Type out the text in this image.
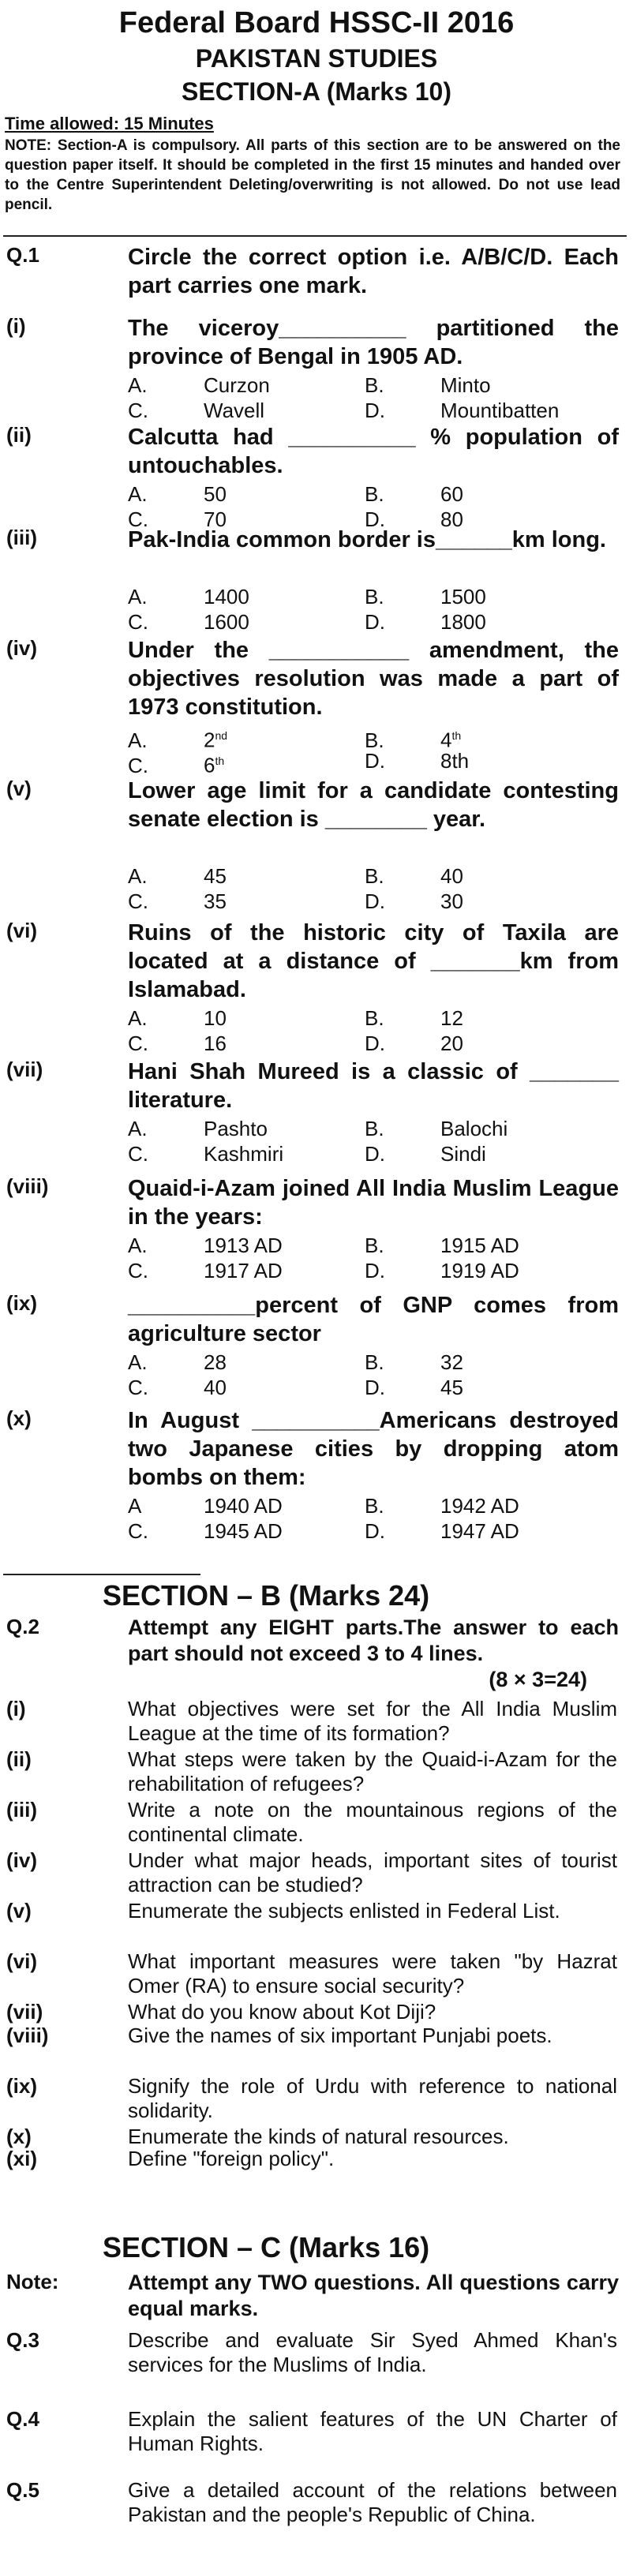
Federal Board HSSC-II 2016
PAKISTAN STUDIES
SECTION-A (Marks 10)
Time allowed: 15 Minutes
NOTE: Section-A is compulsory. All parts of this section are to be answered on the question paper itself. It should be completed in the first 15 minutes and handed over to the Centre Superintendent Deleting/overwriting is not allowed. Do not use lead pencil.
Q.1	Circle the correct option i.e. A/B/C/D. Each part carries one mark.
(i)	The viceroy__________ partitioned the province of Bengal in 1905 AD.
A.	Curzon	B.	Minto
C.	Wavell	D.	Mountibatten
(ii)	Calcutta had __________ % population of untouchables.
A.	50	B.	60
C.	70	D.	80
(iii)	Pak-India common border is______km long.
A.	1400	B.	1500
C.	1600	D.	1800
(iv)	Under the ___________ amendment, the objectives resolution was made a part of 1973 constitution.
A.	2nd	B.	4th
C.	6th	D.	8th
(v)	Lower age limit for a candidate contesting senate election is ________ year.
A.	45	B.	40
C.	35	D.	30
(vi)	Ruins of the historic city of Taxila are located at a distance of _______km from Islamabad.
A.	10	B.	12
C.	16	D.	20
(vii)	Hani Shah Mureed is a classic of _______ literature.
A.	Pashto	B.	Balochi
C.	Kashmiri	D.	Sindi
(viii)	Quaid-i-Azam joined All India Muslim League in the years:
A.	1913 AD	B.	1915 AD
C.	1917 AD	D.	1919 AD
(ix)	__________percent of GNP comes from agriculture sector
A.	28	B.	32
C.	40	D.	45
(x)	In August __________Americans destroyed two Japanese cities by dropping atom bombs on them:
A	1940 AD	B.	1942 AD
C.	1945 AD	D.	1947 AD
SECTION – B (Marks 24)
Q.2	Attempt any EIGHT parts.The answer to each part should not exceed 3 to 4 lines.
(8 × 3=24)
(i)	What objectives were set for the All India Muslim League at the time of its formation?
(ii)	What steps were taken by the Quaid-i-Azam for the rehabilitation of refugees?
(iii)	Write a note on the mountainous regions of the continental climate.
(iv)	Under what major heads, important sites of tourist attraction can be studied?
(v)	Enumerate the subjects enlisted in Federal List.
(vi)	What important measures were taken "by Hazrat Omer (RA) to ensure social security?
(vii)	What do you know about Kot Diji?
(viii)	Give the names of six important Punjabi poets.
(ix)	Signify the role of Urdu with reference to national solidarity.
(x)	Enumerate the kinds of natural resources.
(xi)	Define "foreign policy".
SECTION – C (Marks 16)
Note:	Attempt any TWO questions. All questions carry equal marks.
Q.3	Describe and evaluate Sir Syed Ahmed Khan's services for the Muslims of India.
Q.4	Explain the salient features of the UN Charter of Human Rights.
Q.5	Give a detailed account of the relations between Pakistan and the people's Republic of China.
